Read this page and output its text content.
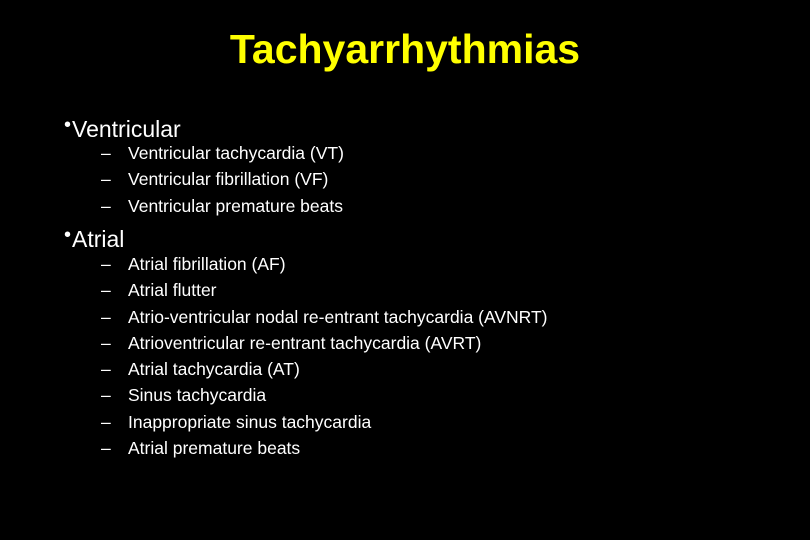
Tachyarrhythmias
•Ventricular
– Ventricular tachycardia (VT)
– Ventricular fibrillation (VF)
– Ventricular premature beats
•Atrial
– Atrial fibrillation (AF)
– Atrial flutter
– Atrio-ventricular nodal re-entrant tachycardia (AVNRT)
– Atrioventricular re-entrant tachycardia (AVRT)
– Atrial tachycardia (AT)
– Sinus tachycardia
– Inappropriate sinus tachycardia
– Atrial premature beats
